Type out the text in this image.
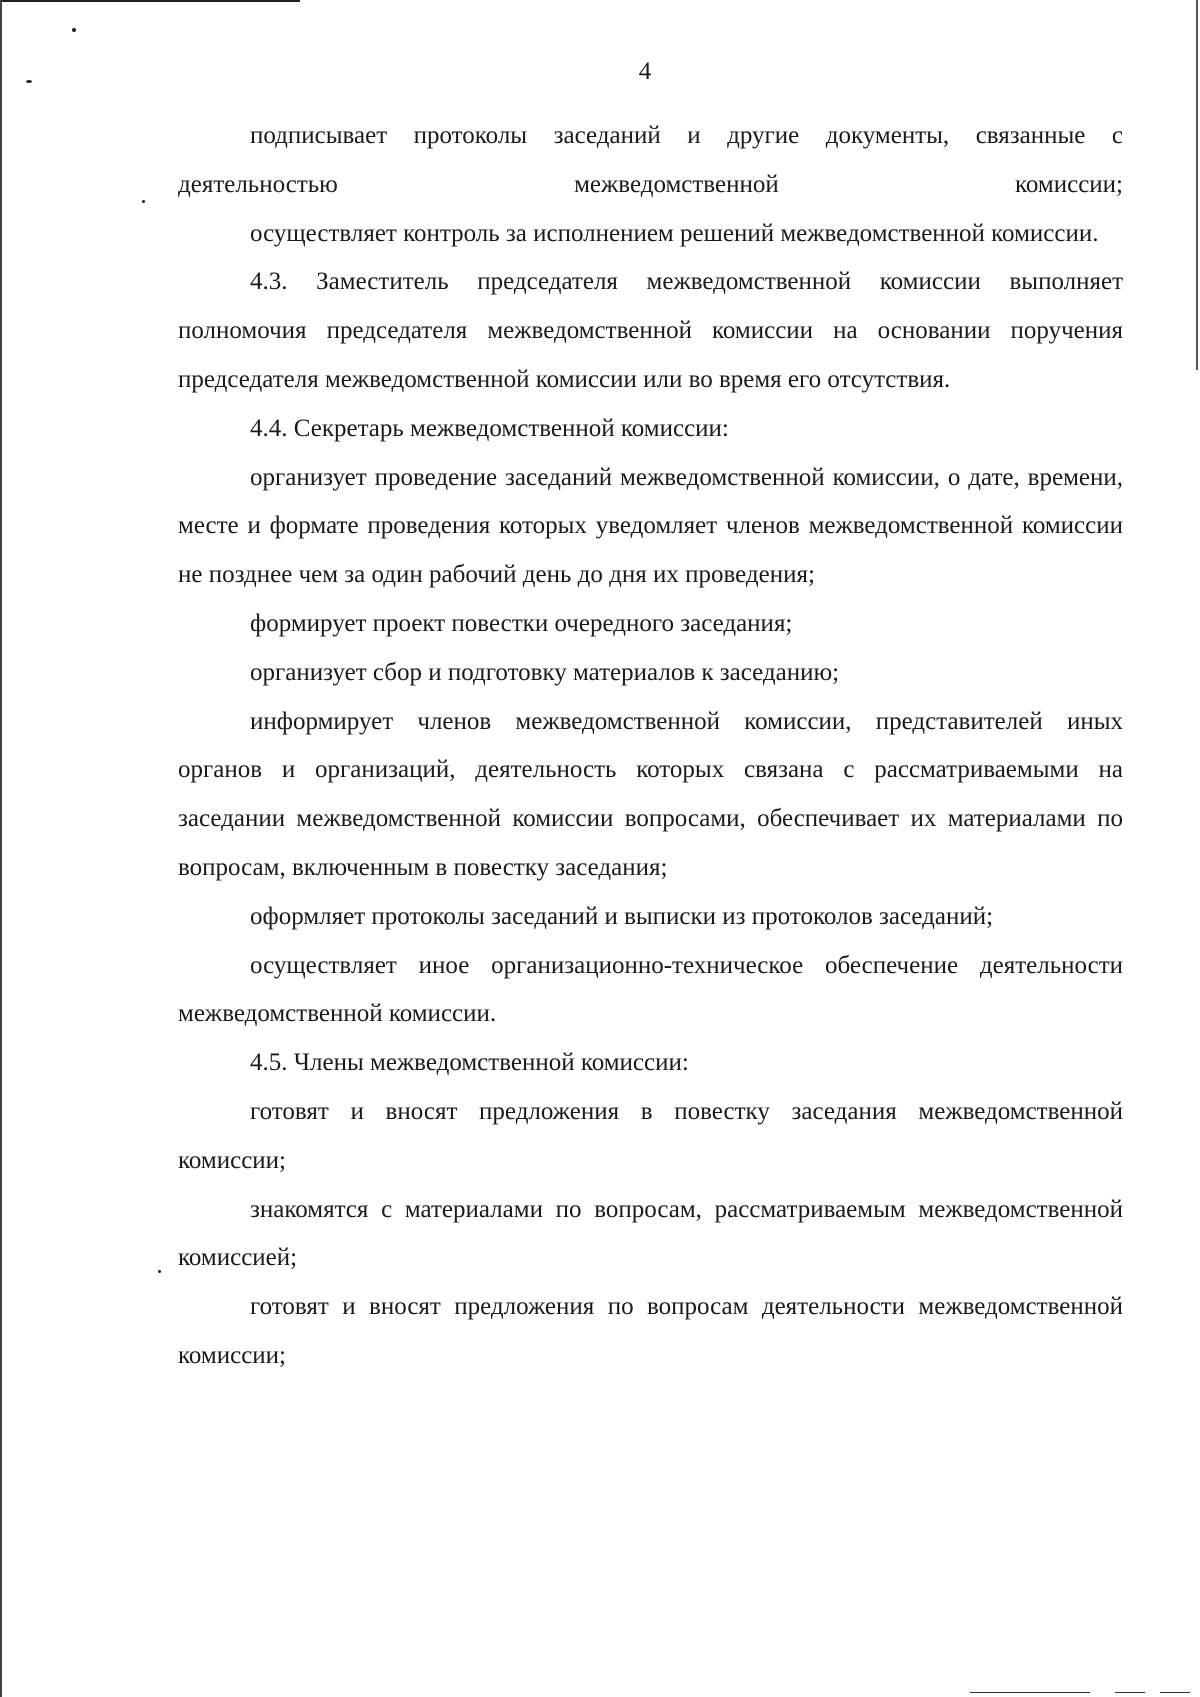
4

подписывает протоколы заседаний и другие документы, связанные с деятельностью межведомственной комиссии;

осуществляет контроль за исполнением решений межведомственной комиссии.

4.3. Заместитель председателя межведомственной комиссии выполняет полномочия председателя межведомственной комиссии на основании поручения председателя межведомственной комиссии или во время его отсутствия.

4.4. Секретарь межведомственной комиссии:

организует проведение заседаний межведомственной комиссии, о дате, времени, месте и формате проведения которых уведомляет членов межведомственной комиссии не позднее чем за один рабочий день до дня их проведения;

формирует проект повестки очередного заседания;

организует сбор и подготовку материалов к заседанию;

информирует членов межведомственной комиссии, представителей иных органов и организаций, деятельность которых связана с рассматриваемыми на заседании межведомственной комиссии вопросами, обеспечивает их материалами по вопросам, включенным в повестку заседания;

оформляет протоколы заседаний и выписки из протоколов заседаний;

осуществляет иное организационно-техническое обеспечение деятельности межведомственной комиссии.

4.5. Члены межведомственной комиссии:

готовят и вносят предложения в повестку заседания межведомственной комиссии;

знакомятся с материалами по вопросам, рассматриваемым межведомственной комиссией;

готовят и вносят предложения по вопросам деятельности межведомственной комиссии;
